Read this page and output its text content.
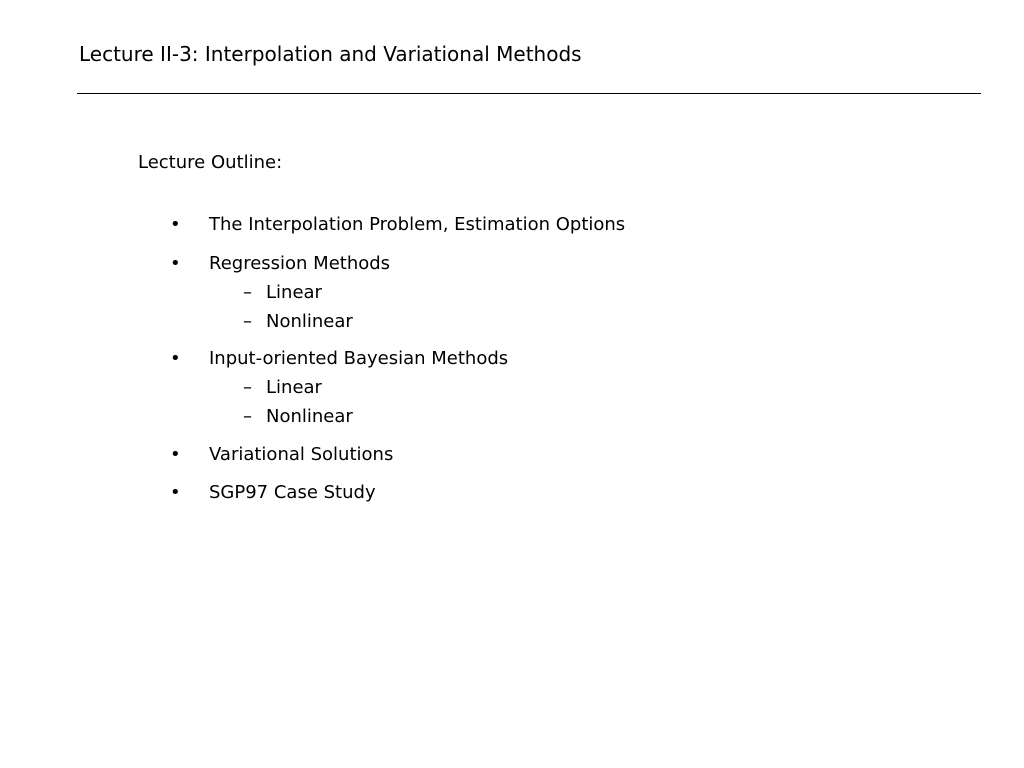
Lecture II-3: Interpolation and Variational Methods
Lecture Outline:
• The Interpolation Problem, Estimation Options
• Regression Methods
– Linear
– Nonlinear
• Input-oriented Bayesian Methods
– Linear
– Nonlinear
• Variational Solutions
• SGP97 Case Study
